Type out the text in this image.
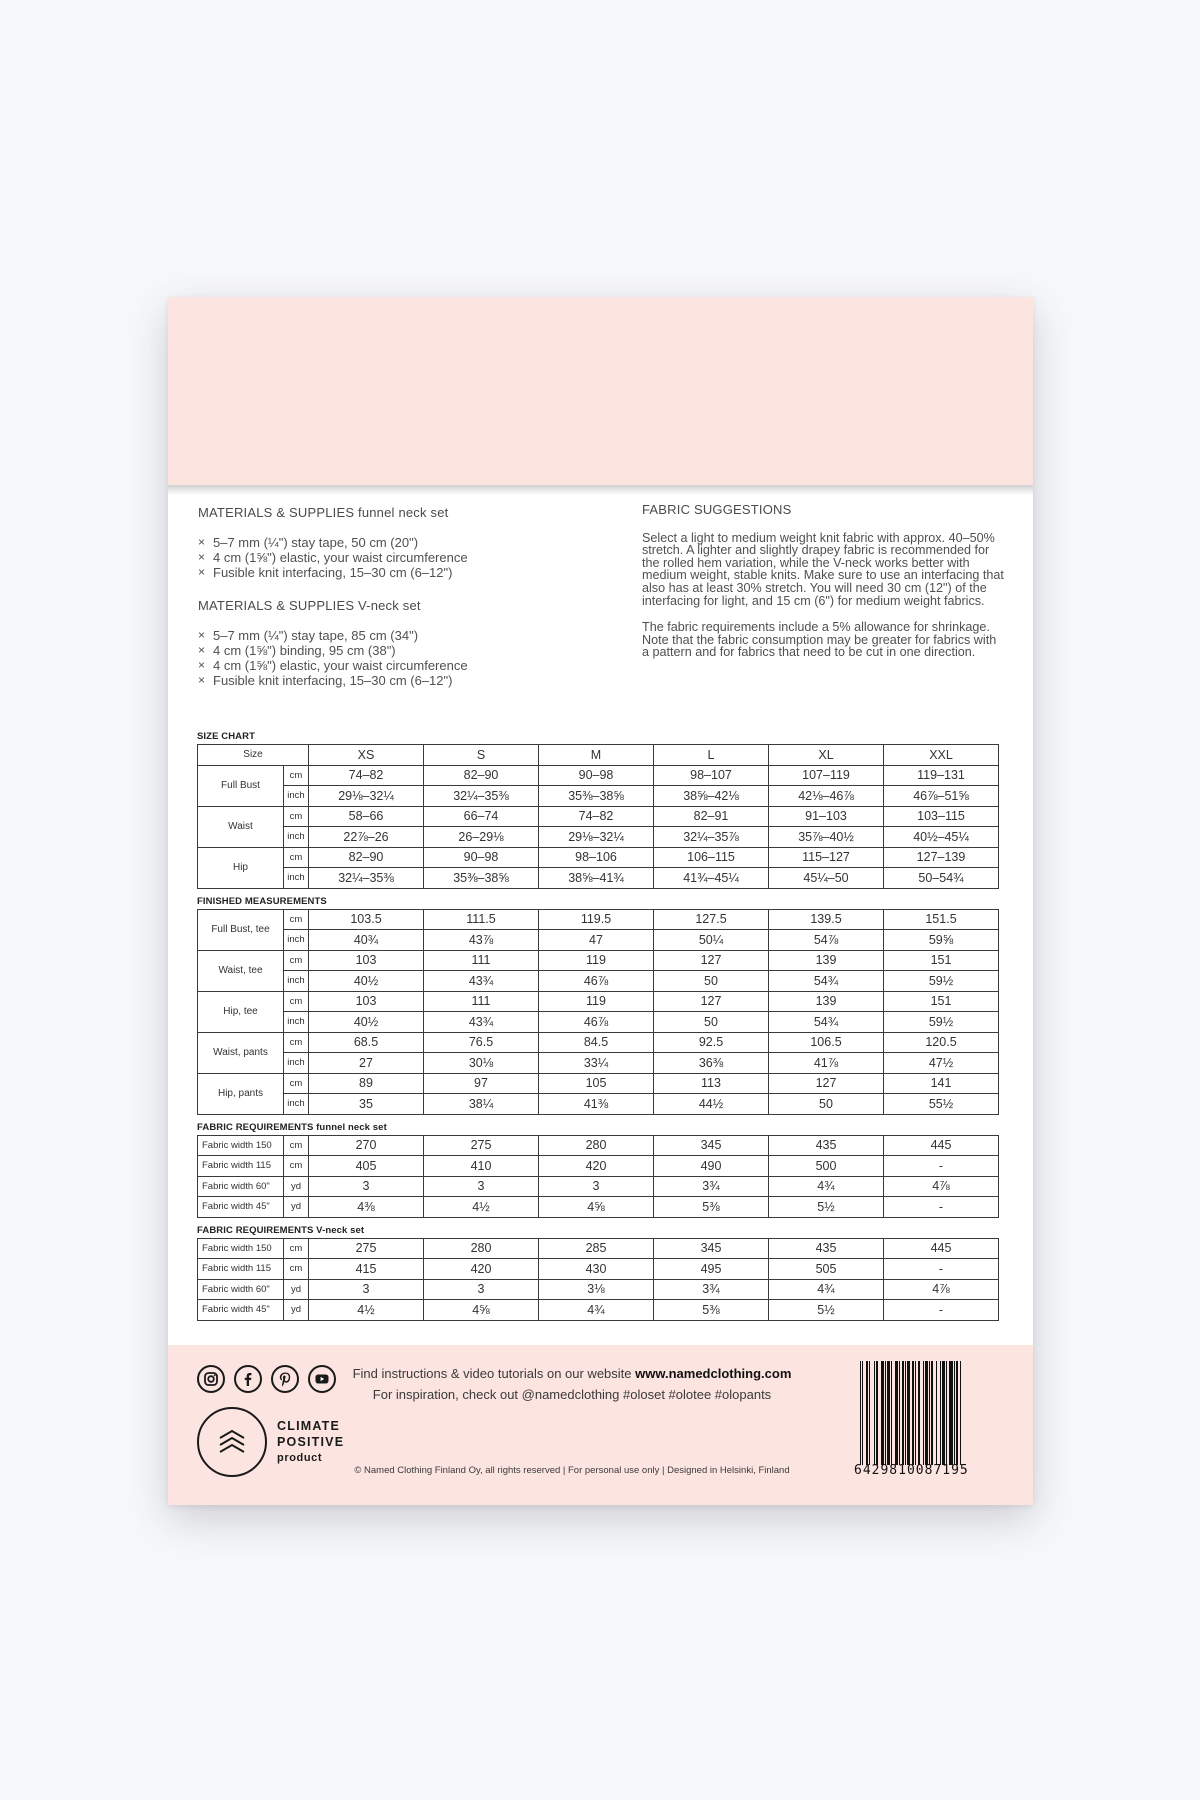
MATERIALS & SUPPLIES funnel neck set
× 5–7 mm (¼") stay tape, 50 cm (20")
× 4 cm (1⅝") elastic, your waist circumference
× Fusible knit interfacing, 15–30 cm (6–12")
MATERIALS & SUPPLIES V-neck set
× 5–7 mm (¼") stay tape, 85 cm (34")
× 4 cm (1⅝") binding, 95 cm (38")
× 4 cm (1⅝") elastic, your waist circumference
× Fusible knit interfacing, 15–30 cm (6–12")
FABRIC SUGGESTIONS

Select a light to medium weight knit fabric with approx. 40–50% stretch. A lighter and slightly drapey fabric is recommended for the rolled hem variation, while the V-neck works better with medium weight, stable knits. Make sure to use an interfacing that also has at least 30% stretch. You will need 30 cm (12") of the interfacing for light, and 15 cm (6") for medium weight fabrics.

The fabric requirements include a 5% allowance for shrinkage. Note that the fabric consumption may be greater for fabrics with a pattern and for fabrics that need to be cut in one direction.

SIZE CHART
Size		XS	S	M	L	XL	XXL
Full Bust	cm	74–82	82–90	90–98	98–107	107–119	119–131
	inch	29⅛–32¼	32¼–35⅜	35⅜–38⅝	38⅝–42⅛	42⅛–46⅞	46⅞–51⅝
Waist	cm	58–66	66–74	74–82	82–91	91–103	103–115
	inch	22⅞–26	26–29⅛	29⅛–32¼	32¼–35⅞	35⅞–40½	40½–45¼
Hip	cm	82–90	90–98	98–106	106–115	115–127	127–139
	inch	32¼–35⅜	35⅜–38⅝	38⅝–41¾	41¾–45¼	45¼–50	50–54¾
FINISHED MEASUREMENTS
Full Bust, tee	cm	103.5	111.5	119.5	127.5	139.5	151.5
	inch	40¾	43⅞	47	50¼	54⅞	59⅝
Waist, tee	cm	103	111	119	127	139	151
	inch	40½	43¾	46⅞	50	54¾	59½
Hip, tee	cm	103	111	119	127	139	151
	inch	40½	43¾	46⅞	50	54¾	59½
Waist, pants	cm	68.5	76.5	84.5	92.5	106.5	120.5
	inch	27	30⅛	33¼	36⅜	41⅞	47½
Hip, pants	cm	89	97	105	113	127	141
	inch	35	38¼	41⅜	44½	50	55½
FABRIC REQUIREMENTS funnel neck set
Fabric width 150	cm	270	275	280	345	435	445
Fabric width 115	cm	405	410	420	490	500	-
Fabric width 60"	yd	3	3	3	3¾	4¾	4⅞
Fabric width 45"	yd	4⅜	4½	4⅝	5⅜	5½	-
FABRIC REQUIREMENTS V-neck set
Fabric width 150	cm	275	280	285	345	435	445
Fabric width 115	cm	415	420	430	495	505	-
Fabric width 60"	yd	3	3	3⅛	3¾	4¾	4⅞
Fabric width 45"	yd	4½	4⅝	4¾	5⅜	5½	-
CLIMATE
POSITIVE
product
Find instructions & video tutorials on our website www.namedclothing.com
For inspiration, check out @namedclothing #oloset #olotee #olopants
© Named Clothing Finland Oy, all rights reserved | For personal use only | Designed in Helsinki, Finland	6429810087195
